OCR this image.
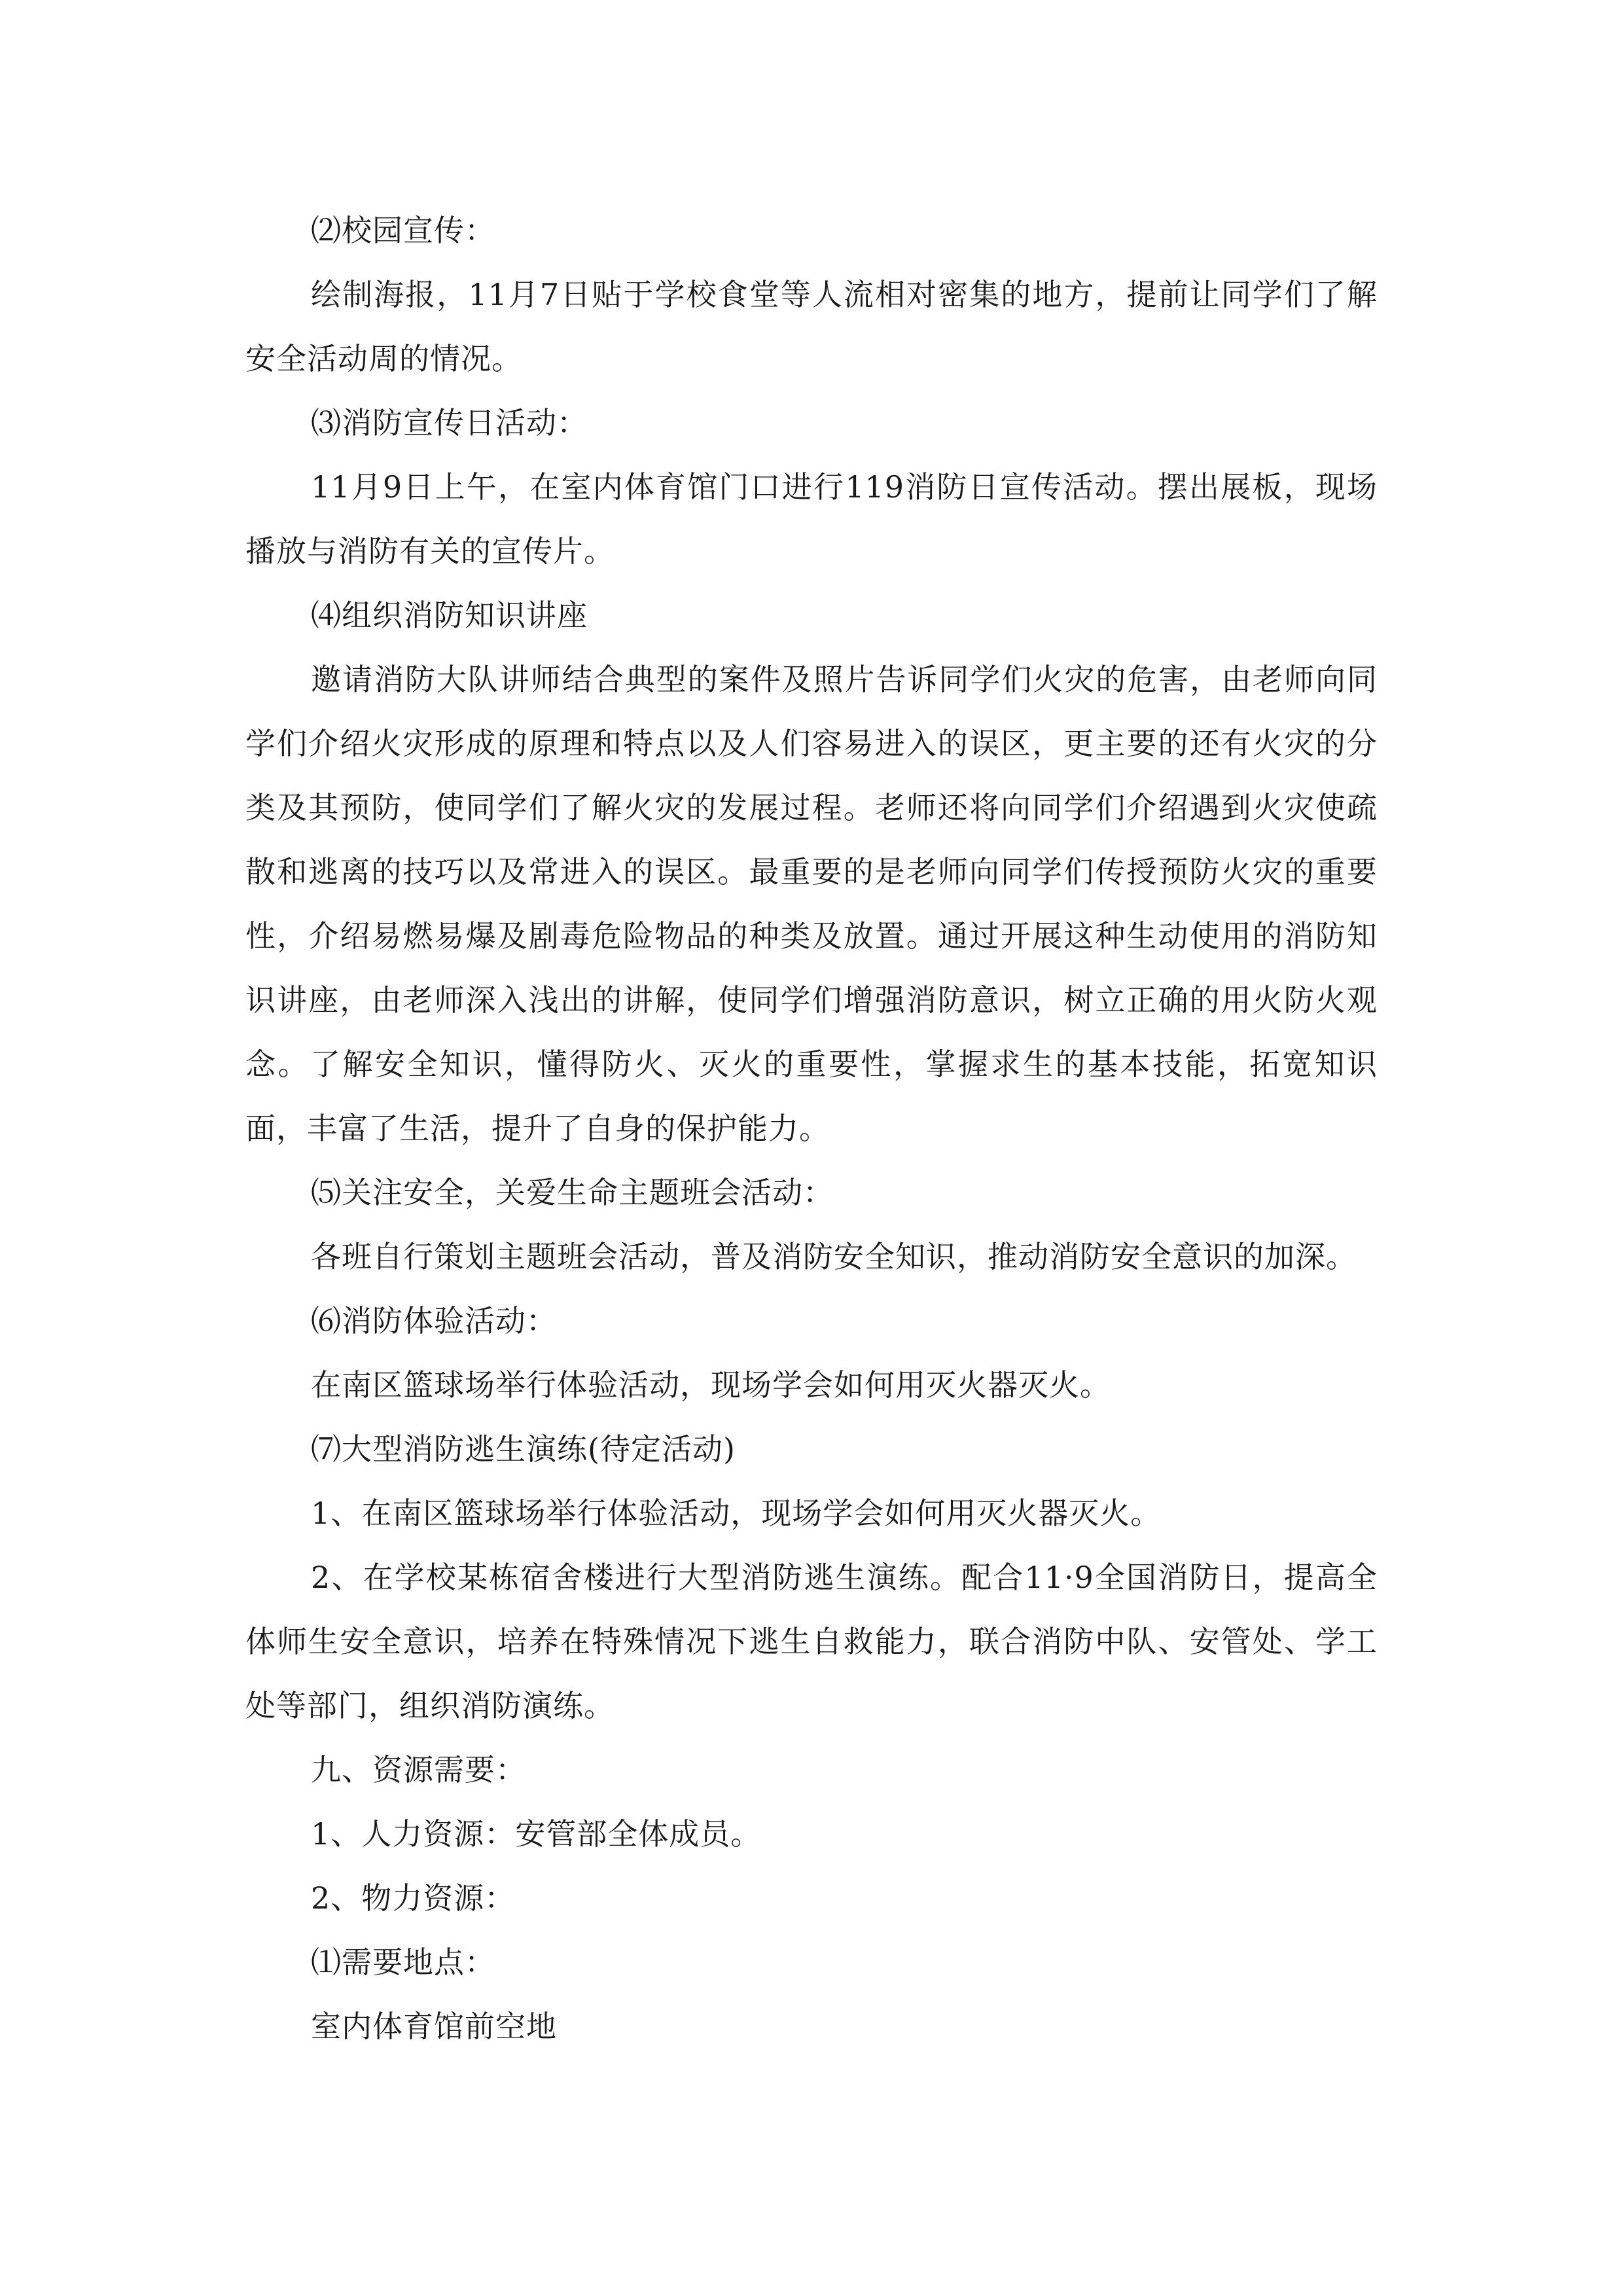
⑵校园宣传：

绘制海报，11月7日贴于学校食堂等人流相对密集的地方，提前让同学们了解安全活动周的情况。

⑶消防宣传日活动：

11月9日上午，在室内体育馆门口进行119消防日宣传活动。摆出展板，现场播放与消防有关的宣传片。

⑷组织消防知识讲座

邀请消防大队讲师结合典型的案件及照片告诉同学们火灾的危害，由老师向同学们介绍火灾形成的原理和特点以及人们容易进入的误区，更主要的还有火灾的分类及其预防，使同学们了解火灾的发展过程。老师还将向同学们介绍遇到火灾使疏散和逃离的技巧以及常进入的误区。最重要的是老师向同学们传授预防火灾的重要性，介绍易燃易爆及剧毒危险物品的种类及放置。通过开展这种生动使用的消防知识讲座，由老师深入浅出的讲解，使同学们增强消防意识，树立正确的用火防火观念。了解安全知识，懂得防火、灭火的重要性，掌握求生的基本技能，拓宽知识面，丰富了生活，提升了自身的保护能力。

⑸关注安全，关爱生命主题班会活动：

各班自行策划主题班会活动，普及消防安全知识，推动消防安全意识的加深。

⑹消防体验活动：

在南区篮球场举行体验活动，现场学会如何用灭火器灭火。

⑺大型消防逃生演练(待定活动)

1、在南区篮球场举行体验活动，现场学会如何用灭火器灭火。

2、在学校某栋宿舍楼进行大型消防逃生演练。配合11·9全国消防日，提高全体师生安全意识，培养在特殊情况下逃生自救能力，联合消防中队、安管处、学工处等部门，组织消防演练。

九、资源需要：

1、人力资源：安管部全体成员。

2、物力资源：

⑴需要地点：

室内体育馆前空地
